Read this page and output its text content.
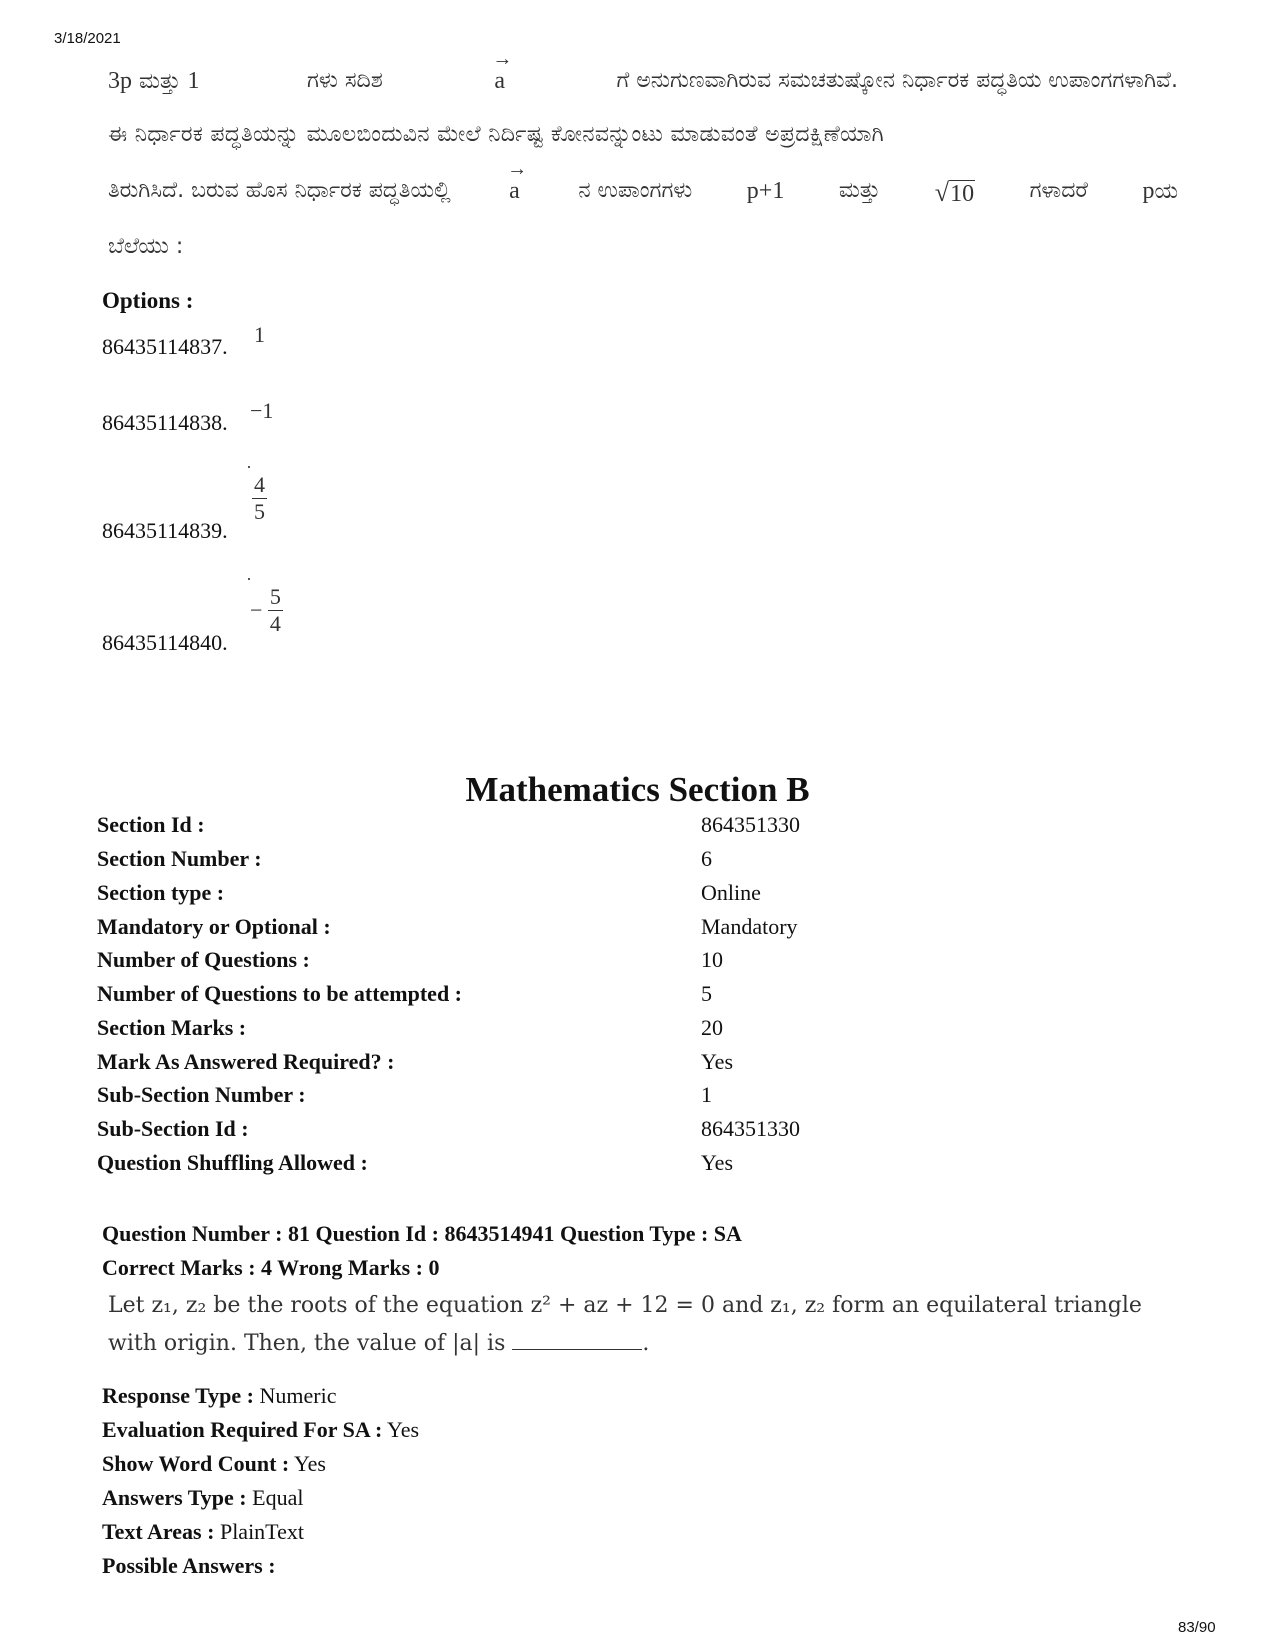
3/18/2021
3p ಮತ್ತು 1	ಗಳು ಸದಿಶ
→
a	ಗೆ ಅನುಗುಣವಾಗಿರುವ ಸಮಚತುಷ್ಕೋನ ನಿರ್ಧಾರಕ ಪದ್ಧತಿಯ ಉಪಾಂಗಗಳಾಗಿವೆ.
ಈ ನಿರ್ಧಾರಕ ಪದ್ಧತಿಯನ್ನು ಮೂಲಬಿಂದುವಿನ ಮೇಲೆ ನಿರ್ದಿಷ್ಟ ಕೋನವನ್ನುಂಟು ಮಾಡುವಂತೆ ಅಪ್ರದಕ್ಷಿಣೆಯಾಗಿ
ತಿರುಗಿಸಿದೆ. ಬರುವ ಹೊಸ ನಿರ್ಧಾರಕ ಪದ್ಧತಿಯಲ್ಲಿ
→
a	ನ ಉಪಾಂಗಗಳು p+1 ಮತ್ತು √10	ಗಳಾದರೆ pಯ
ಬೆಲೆಯು :
Options :
86435114837. 1
86435114838. −1
86435114839.
$\frac{4}{5}$
86435114840.
− $\frac{5}{4}$
Mathematics Section B
Section Id :	864351330
Section Number :	6
Section type :	Online
Mandatory or Optional :	Mandatory
Number of Questions :	10
Number of Questions to be attempted :	5
Section Marks :	20
Mark As Answered Required? :	Yes
Sub-Section Number :	1
Sub-Section Id :	864351330
Question Shuffling Allowed :	Yes
Question Number : 81 Question Id : 8643514941 Question Type : SA
Correct Marks : 4 Wrong Marks : 0
Let z₁, z₂ be the roots of the equation z² + az + 12 = 0 and z₁, z₂ form an equilateral triangle
with origin. Then, the value of |a| is	.
Response Type : Numeric
Evaluation Required For SA : Yes
Show Word Count : Yes
Answers Type : Equal
Text Areas : PlainText
Possible Answers :
83/90
